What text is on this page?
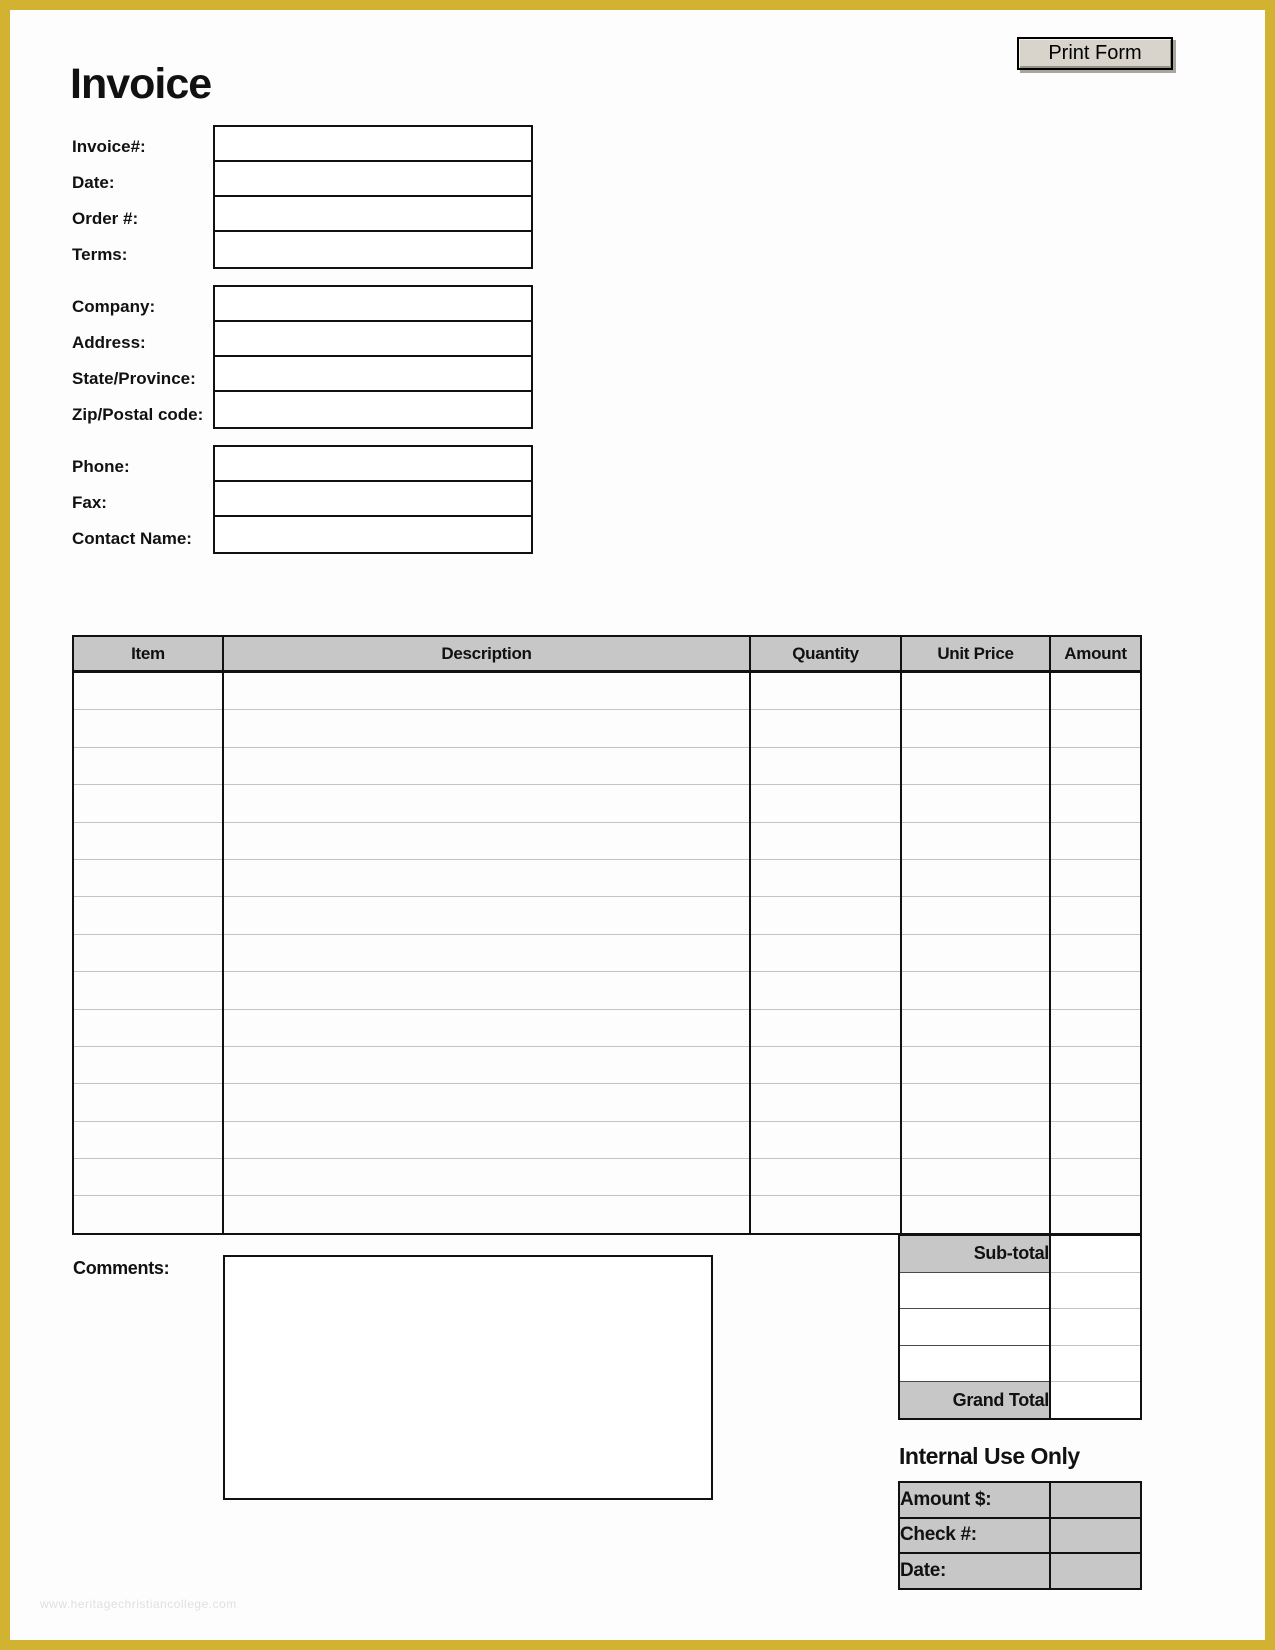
Print Form
Invoice
Item	Description	Quantity	Unit Price	Amount

Sub-total	

Grand Total	
Comments:
Internal Use Only
Amount $:	
Check #:	
Date:	
www.heritagechristiancollege.com
Invoice#:
Date:
Order #:
Terms:
Company:
Address:
State/Province:
Zip/Postal code:
Phone:
Fax:
Contact Name:
